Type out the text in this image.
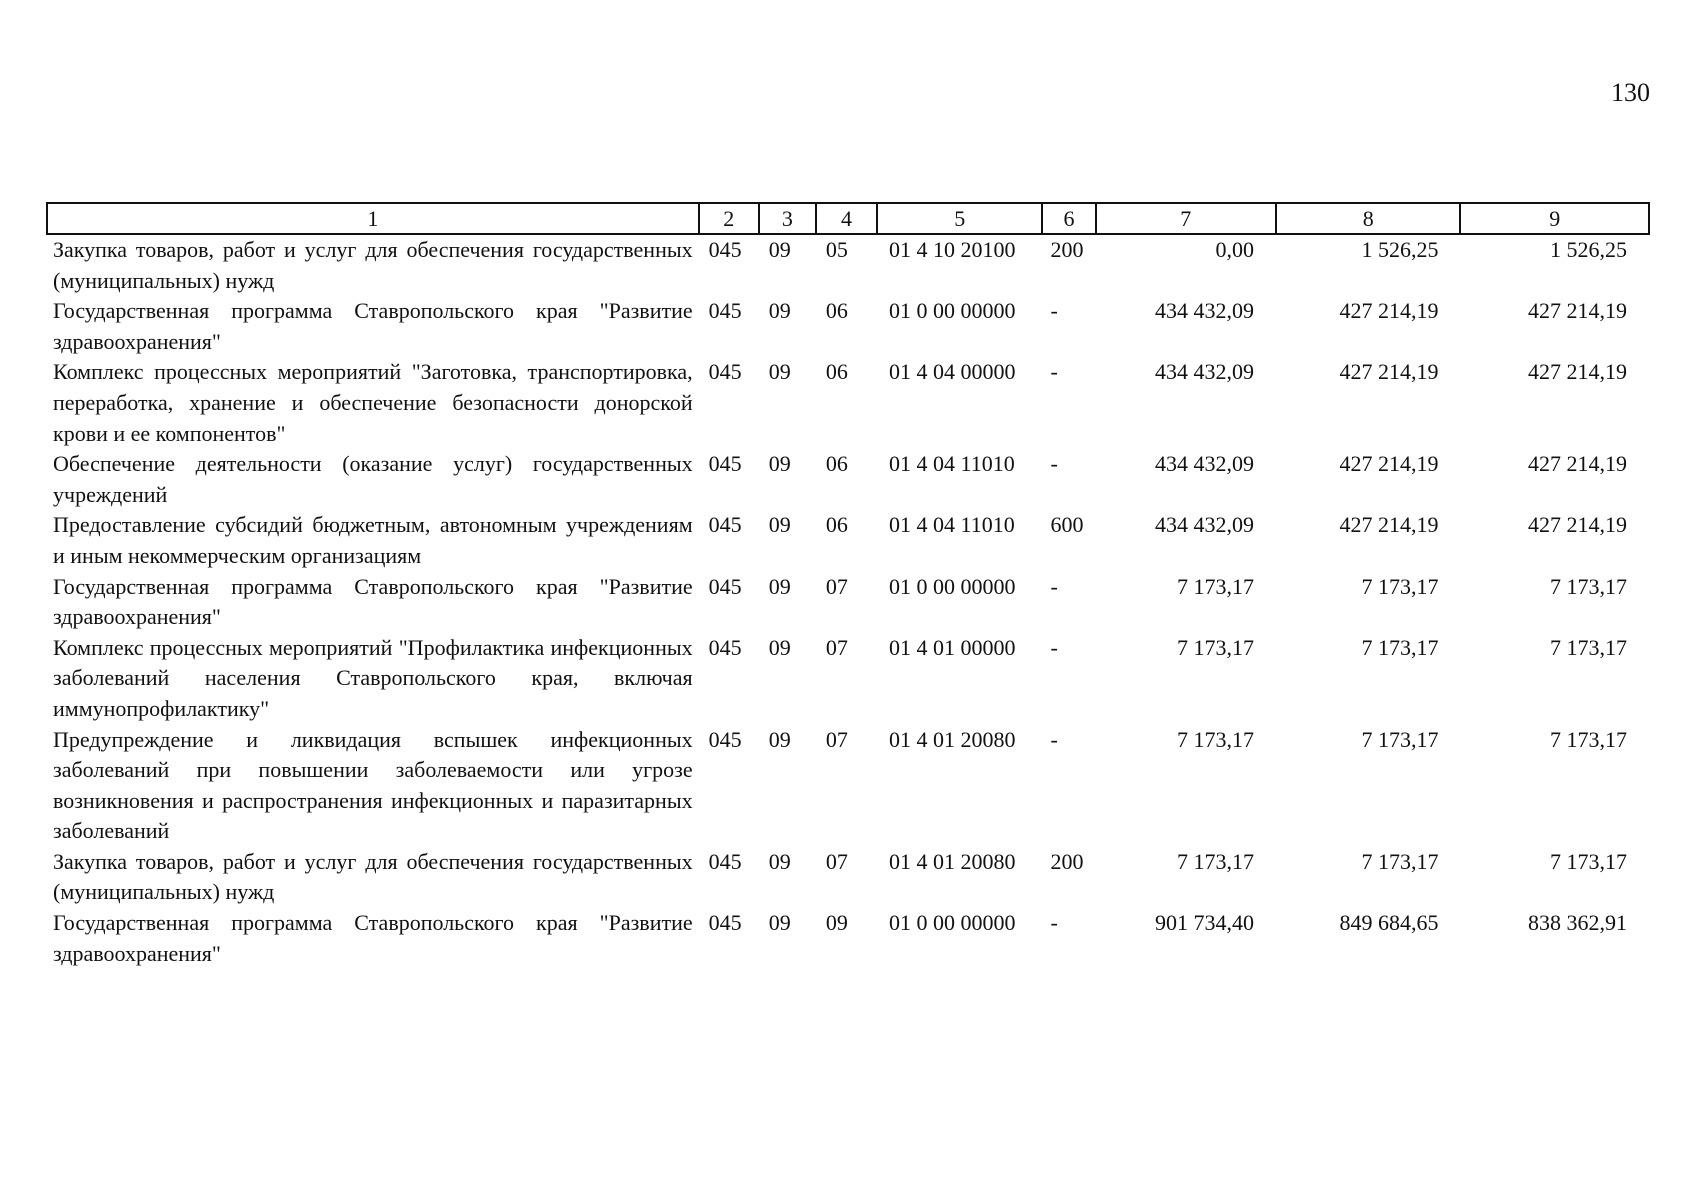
130
1	2	3	4	5	6	7	8	9
Закупка товаров, работ и услуг для обеспечения государственных (муниципальных) нужд	045	09	05	01 4 10 20100	200	0,00	1 526,25	1 526,25
Государственная программа Ставропольского края "Развитие здравоохранения"	045	09	06	01 0 00 00000	-	434 432,09	427 214,19	427 214,19
Комплекс процессных мероприятий "Заготовка, транспортировка, переработка, хранение и обеспечение безопасности донорской крови и ее компонентов"	045	09	06	01 4 04 00000	-	434 432,09	427 214,19	427 214,19
Обеспечение деятельности (оказание услуг) государственных учреждений	045	09	06	01 4 04 11010	-	434 432,09	427 214,19	427 214,19
Предоставление субсидий бюджетным, автономным учреждениям и иным некоммерческим организациям	045	09	06	01 4 04 11010	600	434 432,09	427 214,19	427 214,19
Государственная программа Ставропольского края "Развитие здравоохранения"	045	09	07	01 0 00 00000	-	7 173,17	7 173,17	7 173,17
Комплекс процессных мероприятий "Профилактика инфекционных заболеваний населения Ставропольского края, включая иммунопрофилактику"	045	09	07	01 4 01 00000	-	7 173,17	7 173,17	7 173,17
Предупреждение и ликвидация вспышек инфекционных заболеваний при повышении заболеваемости или угрозе возникновения и распространения инфекционных и паразитарных заболеваний	045	09	07	01 4 01 20080	-	7 173,17	7 173,17	7 173,17
Закупка товаров, работ и услуг для обеспечения государственных (муниципальных) нужд	045	09	07	01 4 01 20080	200	7 173,17	7 173,17	7 173,17
Государственная программа Ставропольского края "Развитие здравоохранения"	045	09	09	01 0 00 00000	-	901 734,40	849 684,65	838 362,91
